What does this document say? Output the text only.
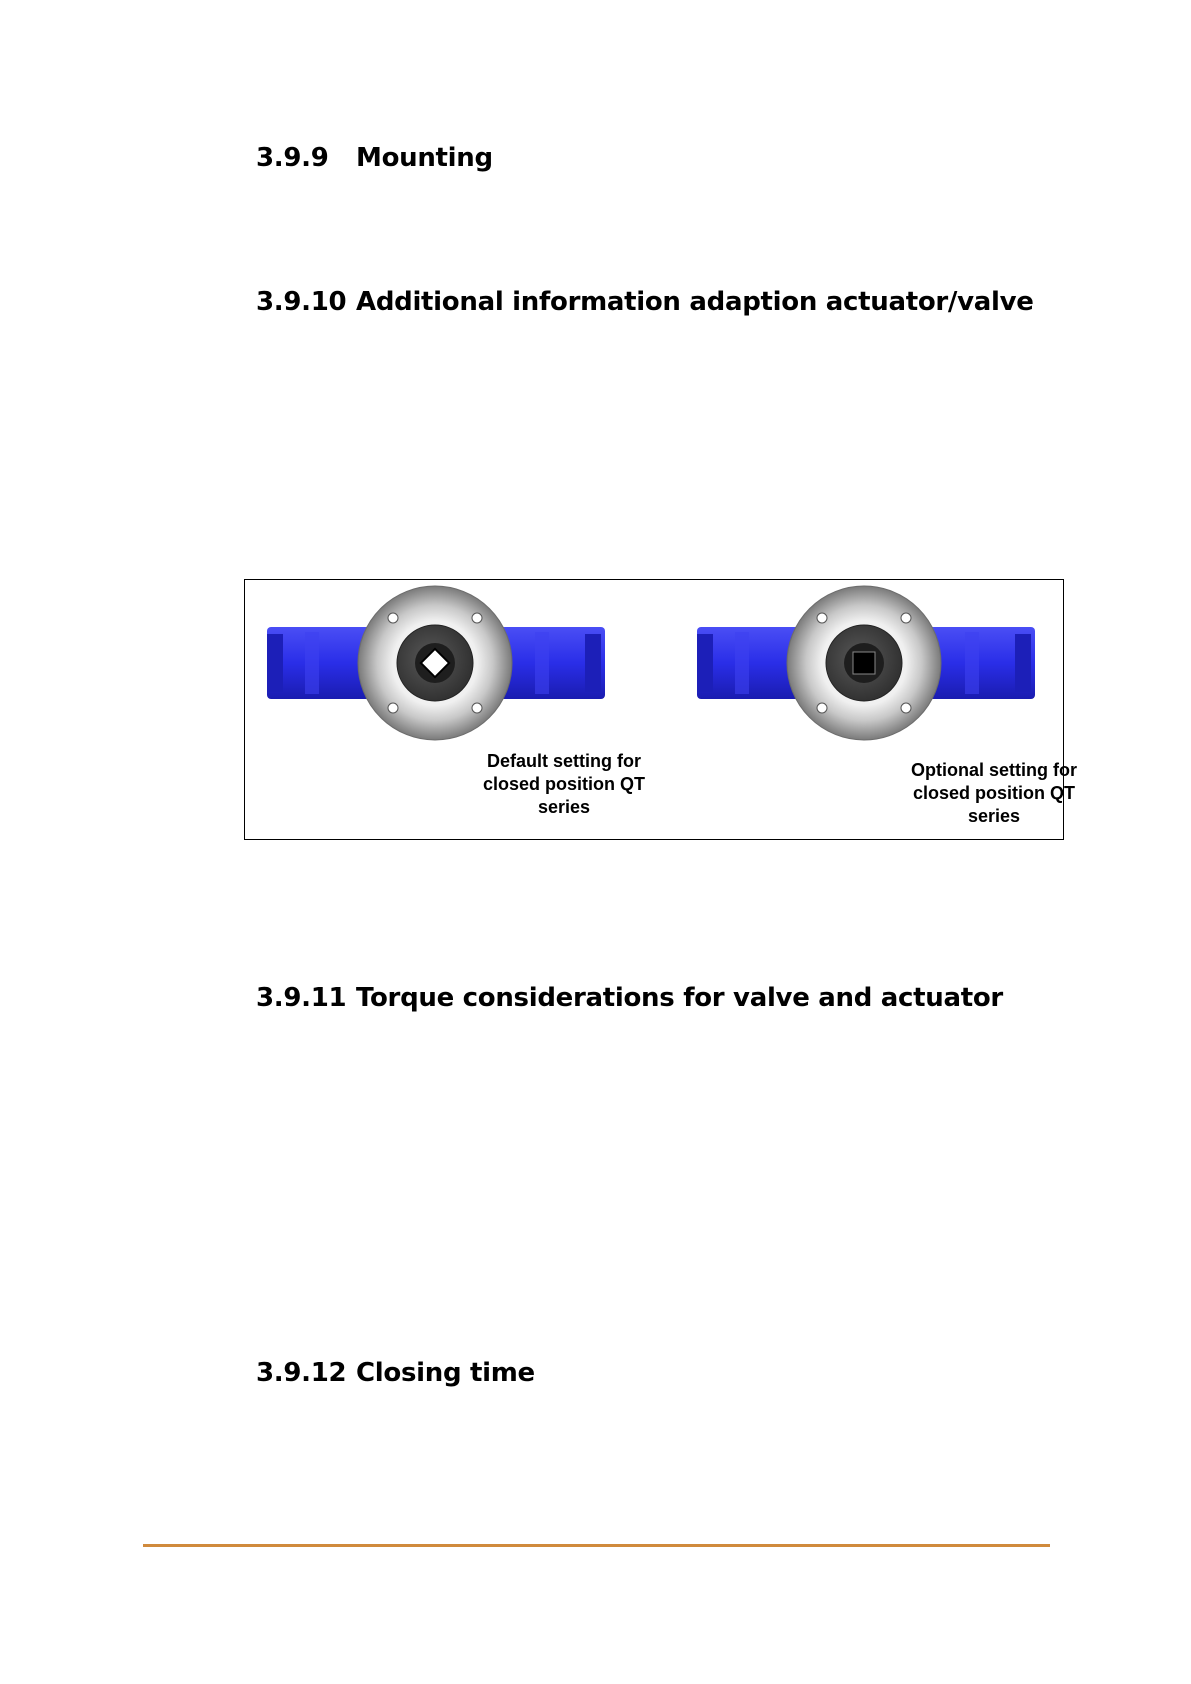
3.9.9 Mounting
3.9.10 Additional information adaption actuator/valve
Default setting for
closed position QT
series
Optional setting for
closed position QT
series
3.9.11 Torque considerations for valve and actuator
3.9.12 Closing time
